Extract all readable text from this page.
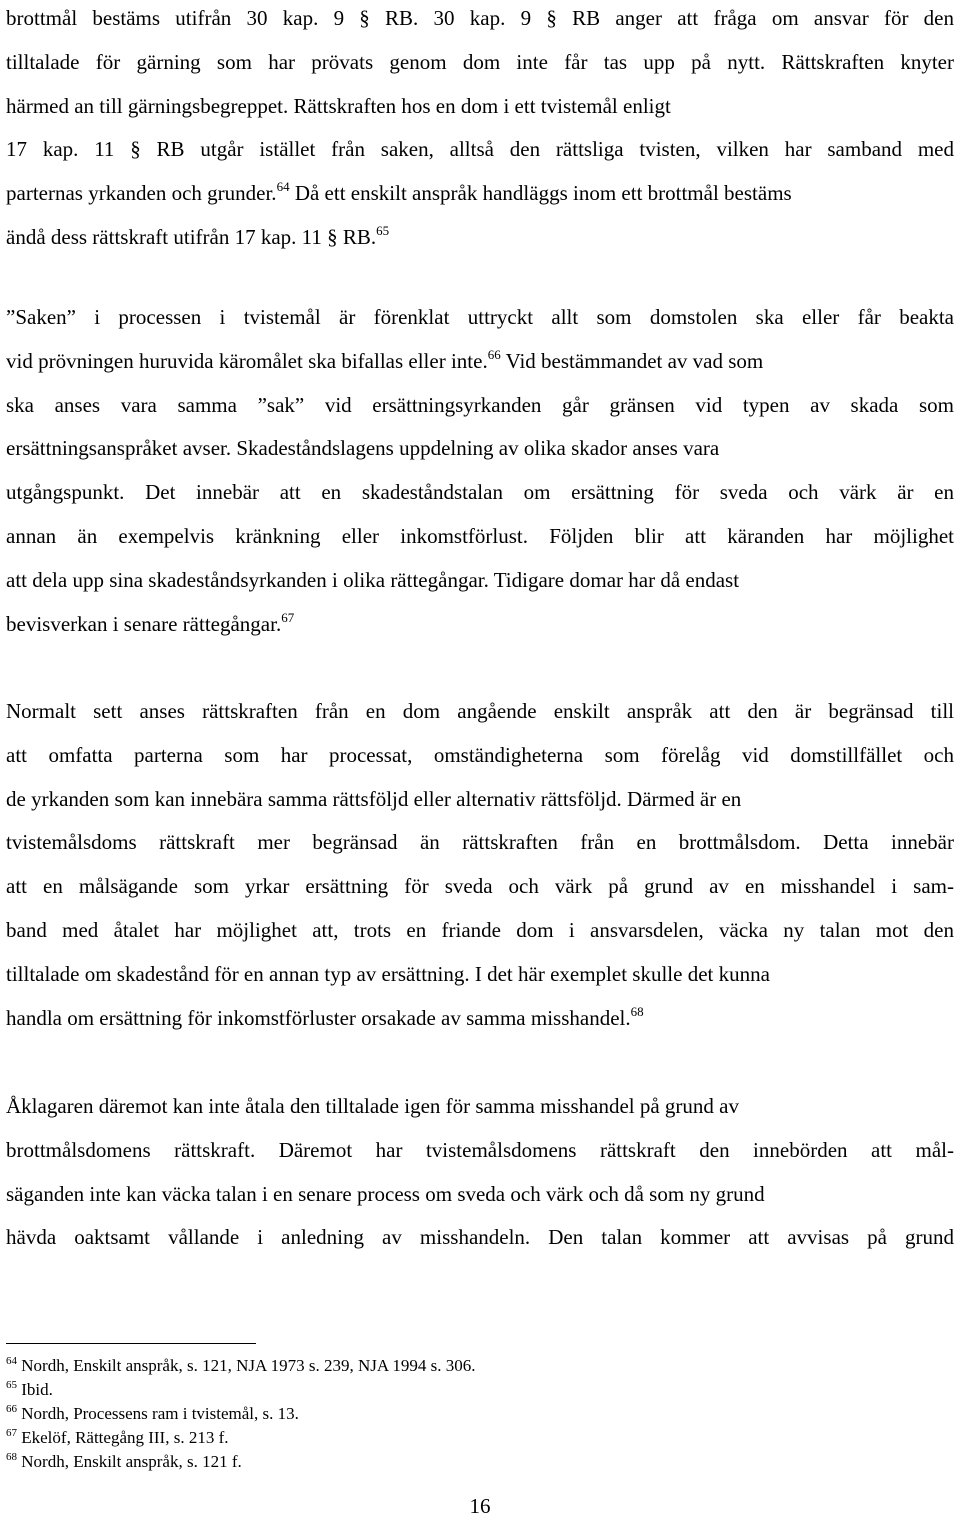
brottmål bestäms utifrån 30 kap. 9 § RB. 30 kap. 9 § RB anger att fråga om ansvar för den
tilltalade för gärning som har prövats genom dom inte får tas upp på nytt. Rättskraften knyter
härmed an till gärningsbegreppet. Rättskraften hos en dom i ett tvistemål enligt
17 kap. 11 § RB utgår istället från saken, alltså den rättsliga tvisten, vilken har samband med
parternas yrkanden och grunder.$^{64}$ Då ett enskilt anspråk handläggs inom ett brottmål bestäms
ändå dess rättskraft utifrån 17 kap. 11 § RB.$^{65}$
”Saken” i processen i tvistemål är förenklat uttryckt allt som domstolen ska eller får beakta
vid prövningen huruvida käromålet ska bifallas eller inte.$^{66}$ Vid bestämmandet av vad som
ska anses vara samma ”sak” vid ersättningsyrkanden går gränsen vid typen av skada som
ersättningsanspråket avser. Skadeståndslagens uppdelning av olika skador anses vara
utgångspunkt. Det innebär att en skadeståndstalan om ersättning för sveda och värk är en
annan än exempelvis kränkning eller inkomstförlust. Följden blir att käranden har möjlighet
att dela upp sina skadeståndsyrkanden i olika rättegångar. Tidigare domar har då endast
bevisverkan i senare rättegångar.$^{67}$
Normalt sett anses rättskraften från en dom angående enskilt anspråk att den är begränsad till
att omfatta parterna som har processat, omständigheterna som förelåg vid domstillfället och
de yrkanden som kan innebära samma rättsföljd eller alternativ rättsföljd. Därmed är en
tvistemålsdoms rättskraft mer begränsad än rättskraften från en brottmålsdom. Detta innebär
att en målsägande som yrkar ersättning för sveda och värk på grund av en misshandel i sam-
band med åtalet har möjlighet att, trots en friande dom i ansvarsdelen, väcka ny talan mot den
tilltalade om skadestånd för en annan typ av ersättning. I det här exemplet skulle det kunna
handla om ersättning för inkomstförluster orsakade av samma misshandel.$^{68}$
Åklagaren däremot kan inte åtala den tilltalade igen för samma misshandel på grund av
brottmålsdomens rättskraft. Däremot har tvistemålsdomens rättskraft den innebörden att mål-
säganden inte kan väcka talan i en senare process om sveda och värk och då som ny grund
hävda oaktsamt vållande i anledning av misshandeln. Den talan kommer att avvisas på grund
$^{64}$ Nordh, Enskilt anspråk, s. 121, NJA 1973 s. 239, NJA 1994 s. 306.
$^{65}$ Ibid.
$^{66}$ Nordh, Processens ram i tvistemål, s. 13.
$^{67}$ Ekelöf, Rättegång III, s. 213 f.
$^{68}$ Nordh, Enskilt anspråk, s. 121 f.
16
